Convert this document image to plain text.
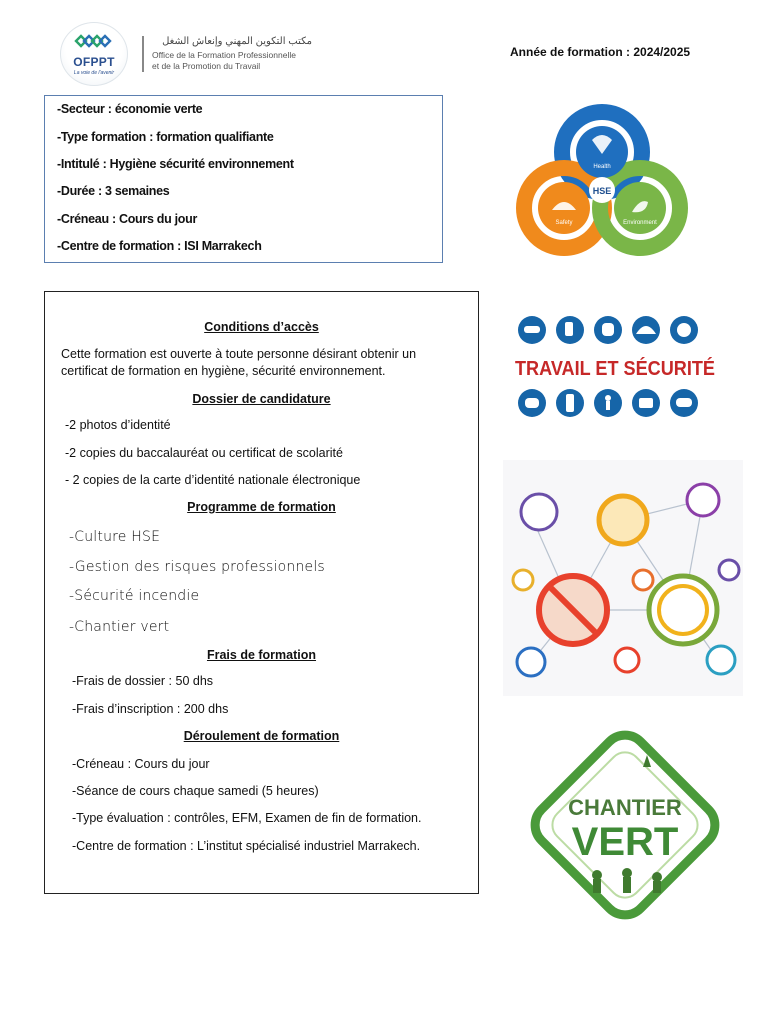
OFPPT
La voie de l'avenir
مكتب التكوين المهني وإنعاش الشغل
Office de la Formation Professionnelle
et de la Promotion du Travail
Année de formation : 2024/2025
-Secteur : économie verte
-Type formation : formation qualifiante
-Intitulé : Hygiène sécurité environnement
-Durée : 3 semaines
-Créneau : Cours du jour
-Centre de formation : ISI Marrakech
Conditions d’accès
Cette formation est ouverte à toute personne désirant obtenir un
certificat de formation en hygiène, sécurité environnement.
Dossier de candidature
-2 photos d’identité
-2 copies du baccalauréat ou certificat de scolarité
- 2 copies de la carte d’identité nationale électronique
Programme de formation
-Culture HSE
-Gestion des risques professionnels
-Sécurité incendie
-Chantier vert
Frais de formation
-Frais de dossier : 50 dhs
-Frais d’inscription : 200 dhs
Déroulement de formation
-Créneau : Cours du jour
-Séance de cours chaque samedi (5 heures)
-Type évaluation : contrôles, EFM, Examen de fin de formation.
-Centre de formation : L’institut spécialisé industriel Marrakech.
HSE
Health
Safety	Environment
TRAVAIL ET SÉCURITÉ
CHANTIER
VERT
